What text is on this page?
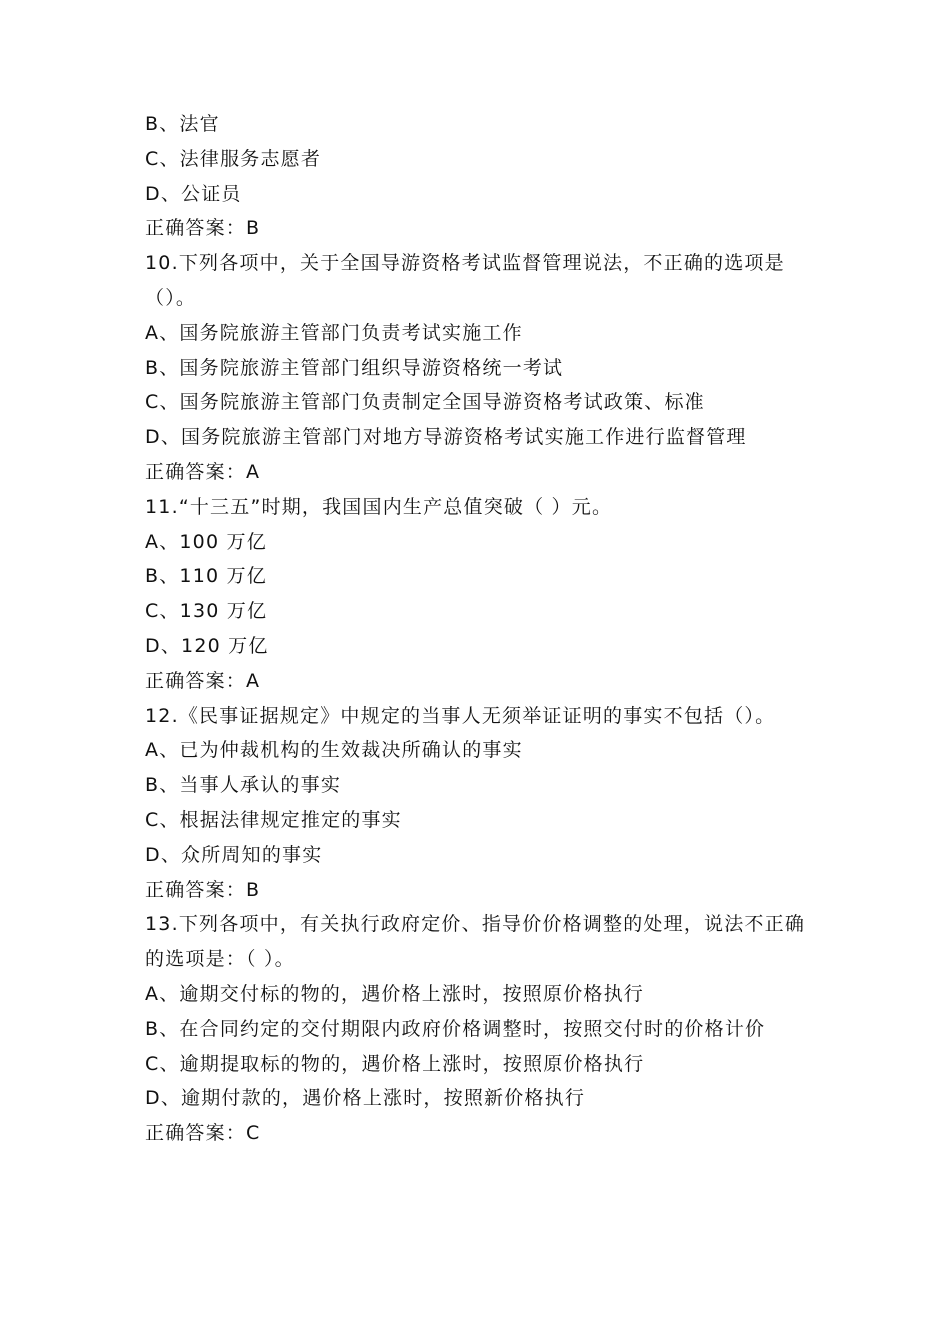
B、法官
C、法律服务志愿者
D、公证员
正确答案：B
10.下列各项中，关于全国导游资格考试监督管理说法，不正确的选项是（）。
A、国务院旅游主管部门负责考试实施工作
B、国务院旅游主管部门组织导游资格统一考试
C、国务院旅游主管部门负责制定全国导游资格考试政策、标准
D、国务院旅游主管部门对地方导游资格考试实施工作进行监督管理
正确答案：A
11.“十三五”时期，我国国内生产总值突破（ ）元。
A、100 万亿
B、110 万亿
C、130 万亿
D、120 万亿
正确答案：A
12.《民事证据规定》中规定的当事人无须举证证明的事实不包括（）。
A、已为仲裁机构的生效裁决所确认的事实
B、当事人承认的事实
C、根据法律规定推定的事实
D、众所周知的事实
正确答案：B
13.下列各项中，有关执行政府定价、指导价价格调整的处理，说法不正确的选项是：（ ）。
A、逾期交付标的物的，遇价格上涨时，按照原价格执行
B、在合同约定的交付期限内政府价格调整时，按照交付时的价格计价
C、逾期提取标的物的，遇价格上涨时，按照原价格执行
D、逾期付款的，遇价格上涨时，按照新价格执行
正确答案：C
